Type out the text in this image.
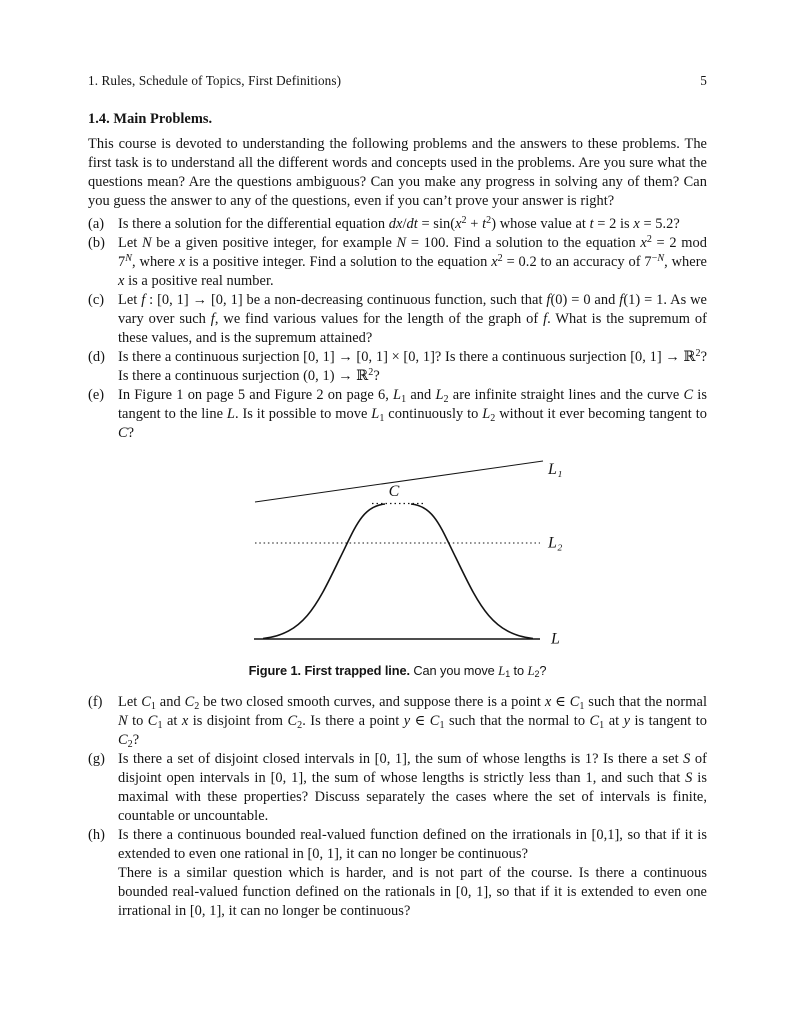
1. Rules, Schedule of Topics, First Definitions)	5
1.4. Main Problems.
This course is devoted to understanding the following problems and the answers to these problems. The first task is to understand all the different words and concepts used in the problems. Are you sure what the questions mean? Are the questions ambiguous? Can you make any progress in solving any of them? Can you guess the answer to any of the questions, even if you can’t prove your answer is right?
(a) Is there a solution for the differential equation $dx/dt = \sin(x^2 + t^2)$ whose value at t = 2 is x = 5.2?
(b) Let N be a given positive integer, for example N = 100. Find a solution to the equation $x^2 = 2$ mod $7^N$, where x is a positive integer. Find a solution to the equation $x^2 = 0.2$ to an accuracy of $7^{-N}$, where x is a positive real number.
(c) Let f : [0, 1] → [0, 1] be a non-decreasing continuous function, such that f(0) = 0 and f(1) = 1. As we vary over such f, we find various values for the length of the graph of f. What is the supremum of these values, and is the supremum attained?
(d) Is there a continuous surjection [0, 1] → [0, 1] × [0, 1]? Is there a continuous surjection [0, 1] → ℝ$^2$? Is there a continuous surjection (0, 1) → ℝ$^2$?
(e) In Figure 1 on page 5 and Figure 2 on page 6, $L_1$ and $L_2$ are infinite straight lines and the curve C is tangent to the line L. Is it possible to move $L_1$ continuously to $L_2$ without it ever becoming tangent to C?
L₁
C
L₂
L
Figure 1. First trapped line. Can you move $L_1$ to $L_2$?
(f)	Let $C_1$ and $C_2$ be two closed smooth curves, and suppose there is a point x ∈ $C_1$ such that the normal N to $C_1$ at x is disjoint from $C_2$. Is there a point y ∈ $C_1$ such that the normal to $C_1$ at y is tangent to $C_2$?
(g) Is there a set of disjoint closed intervals in [0, 1], the sum of whose lengths is 1? Is there a set S of disjoint open intervals in [0, 1], the sum of whose lengths is strictly less than 1, and such that S is maximal with these properties? Discuss separately the cases where the set of intervals is finite, countable or uncountable.
(h) Is there a continuous bounded real-valued function defined on the irrationals in [0,1], so that if it is extended to even one rational in [0, 1], it can no longer be continuous?
There is a similar question which is harder, and is not part of the course. Is there a continuous bounded real-valued function defined on the rationals in [0, 1], so that if it is extended to even one irrational in [0, 1], it can no longer be continuous?
